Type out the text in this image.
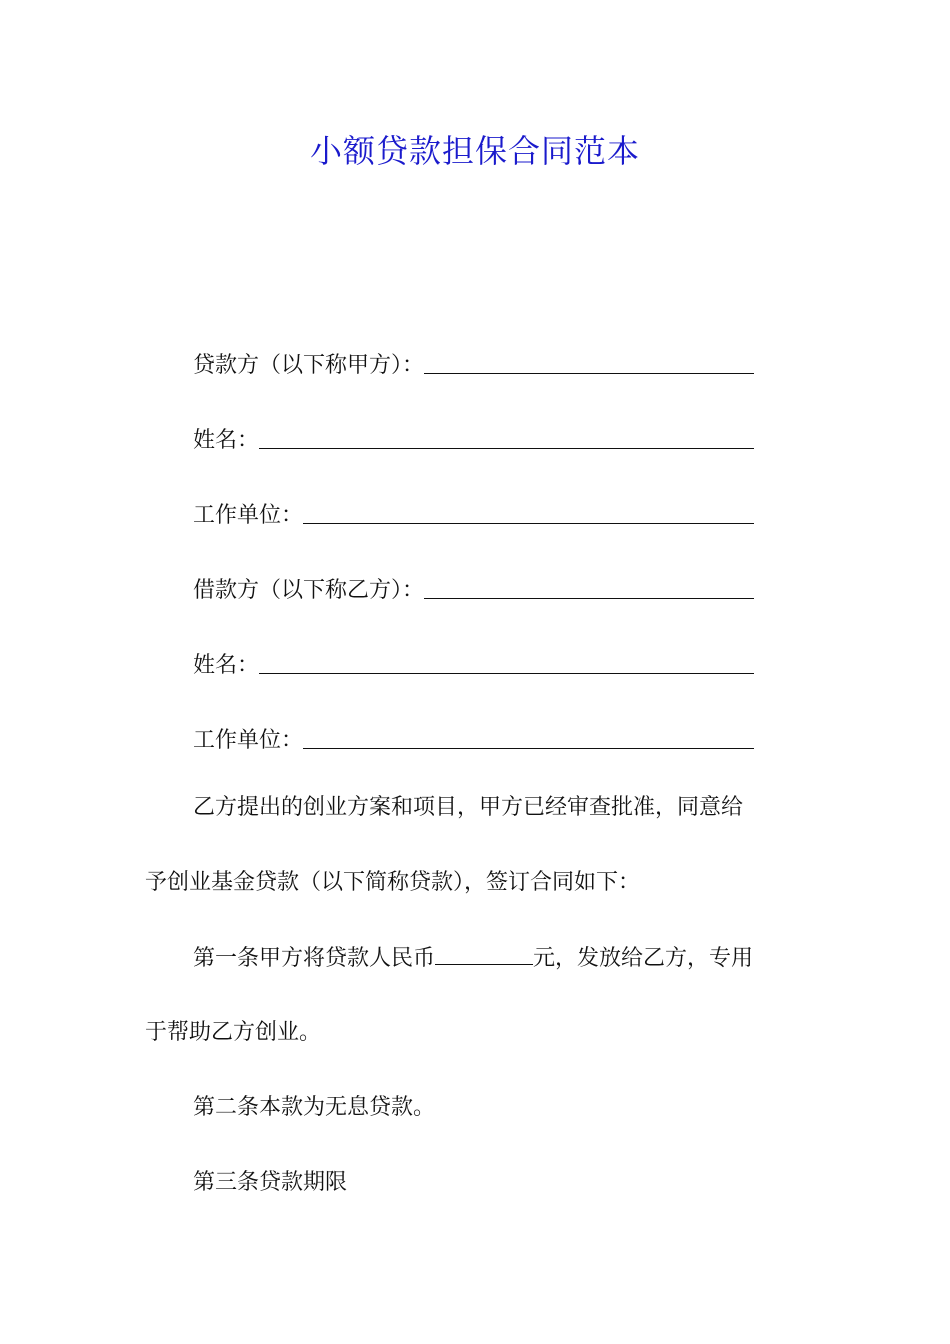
小额贷款担保合同范本
贷款方（以下称甲方）：
姓名：
工作单位：
借款方（以下称乙方）：
姓名：
工作单位：
乙方提出的创业方案和项目，甲方已经审查批准，同意给
予创业基金贷款（以下简称贷款），签订合同如下：
第一条甲方将贷款人民币	元，发放给乙方，专用
于帮助乙方创业。
第二条本款为无息贷款。
第三条贷款期限
